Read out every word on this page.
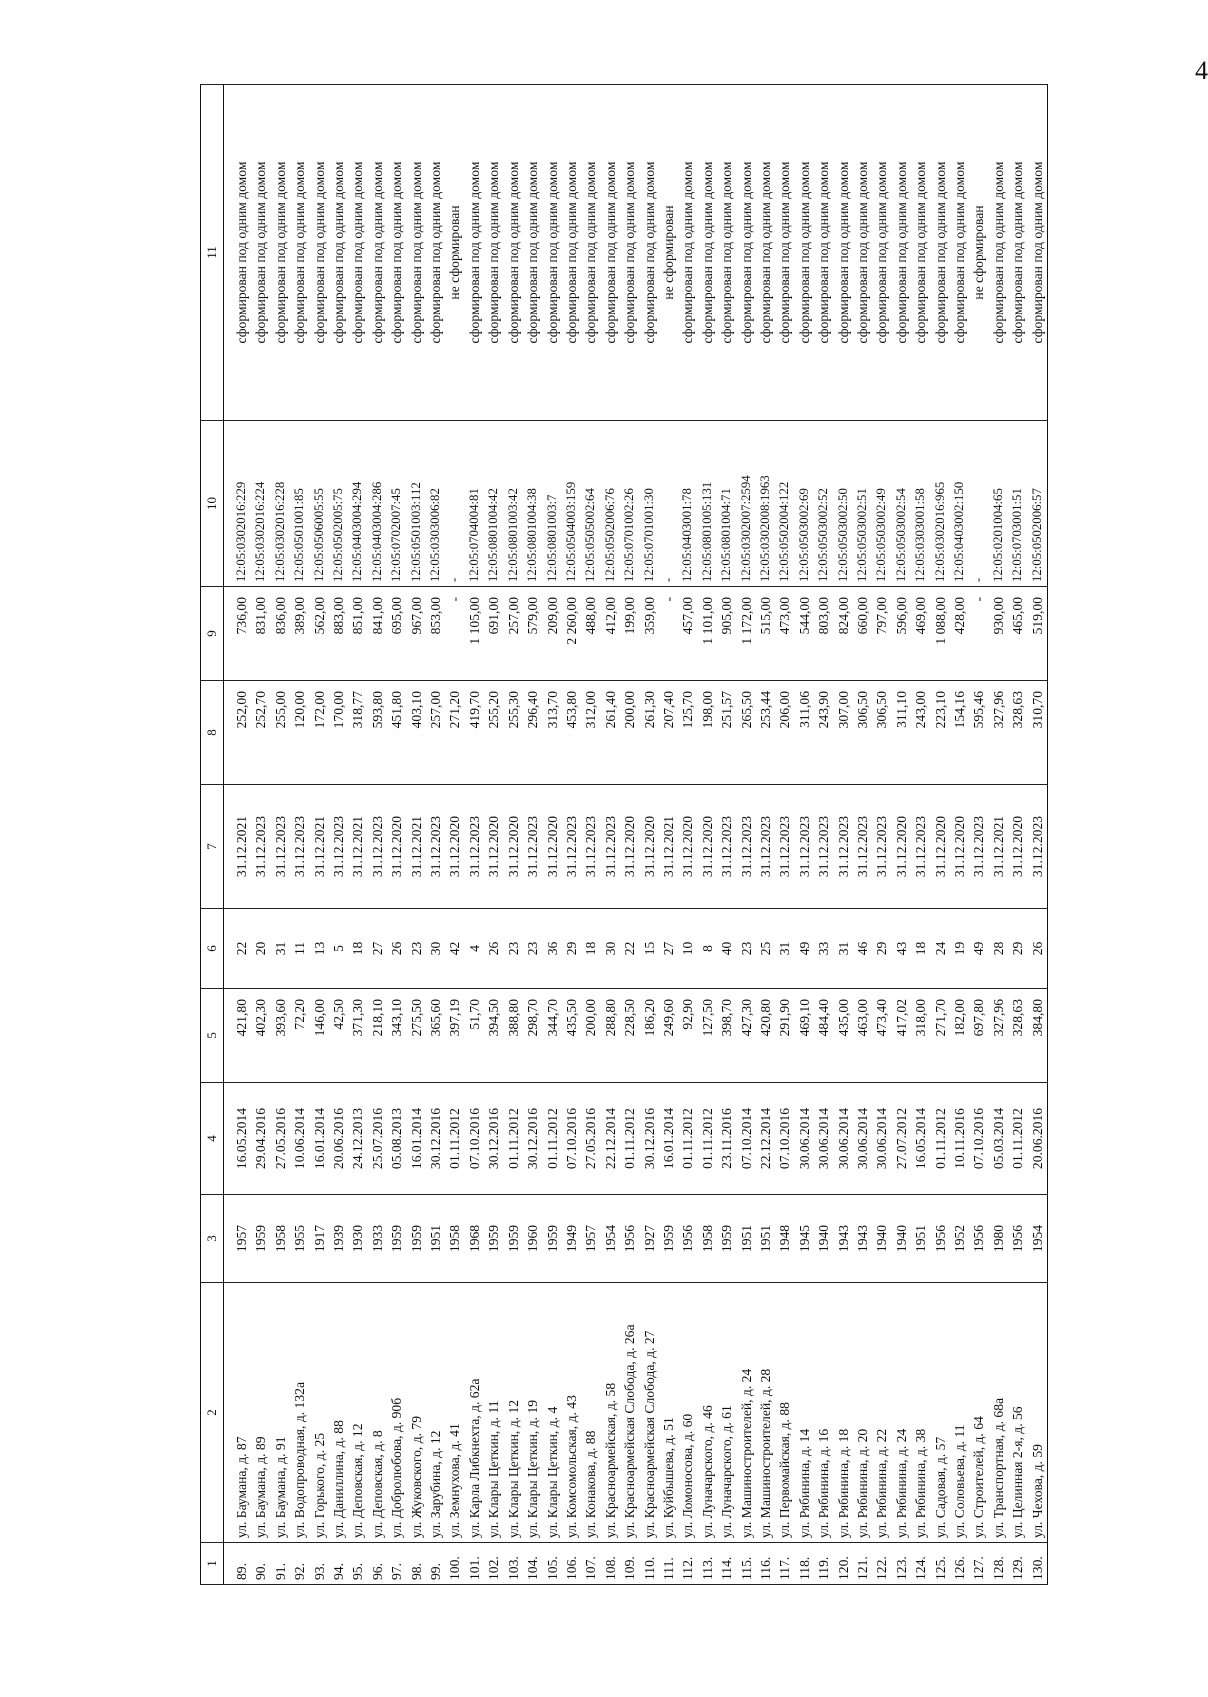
4
1	2	3	4	5	6	7	8	9	10	11
89.	ул. Баумана, д. 87	1957	16.05.2014	421,80	22	31.12.2021	252,00	736,00	12:05:0302016:229	сформирован под одним домом
90.	ул. Баумана, д. 89	1959	29.04.2016	402,30	20	31.12.2023	252,70	831,00	12:05:0302016:224	сформирован под одним домом
91.	ул. Баумана, д. 91	1958	27.05.2016	393,60	31	31.12.2023	255,00	836,00	12:05:0302016:228	сформирован под одним домом
92.	ул. Водопроводная, д. 132а	1955	10.06.2014	72,20	11	31.12.2023	120,00	389,00	12:05:0501001:85	сформирован под одним домом
93.	ул. Горького, д. 25	1917	16.01.2014	146,00	13	31.12.2021	172,00	562,00	12:05:0506005:55	сформирован под одним домом
94.	ул. Даниллина, д. 88	1939	20.06.2016	42,50	5	31.12.2023	170,00	883,00	12:05:0502005:75	сформирован под одним домом
95.	ул. Деповская, д. 12	1930	24.12.2013	371,30	18	31.12.2021	318,77	851,00	12:05:0403004:294	сформирован под одним домом
96.	ул. Деповская, д. 8	1933	25.07.2016	218,10	27	31.12.2023	593,80	841,00	12:05:0403004:286	сформирован под одним домом
97.	ул. Добролюбова, д. 90б	1959	05.08.2013	343,10	26	31.12.2020	451,80	695,00	12:05:0702007:45	сформирован под одним домом
98.	ул. Жуковского, д. 79	1959	16.01.2014	275,50	23	31.12.2021	403,10	967,00	12:05:0501003:112	сформирован под одним домом
99.	ул. Зарубина, д. 12	1951	30.12.2016	365,60	30	31.12.2023	257,00	853,00	12:05:0303006:82	сформирован под одним домом
100.	ул. Земнухова, д. 41	1958	01.11.2012	397,19	42	31.12.2020	271,20	-	-	не сформирован
101.	ул. Карла Либкнехта, д. 62а	1968	07.10.2016	51,70	4	31.12.2023	419,70	1 105,00	12:05:0704004:81	сформирован под одним домом
102.	ул. Клары Цеткин, д. 11	1959	30.12.2016	394,50	26	31.12.2020	255,20	691,00	12:05:0801004:42	сформирован под одним домом
103.	ул. Клары Цеткин, д. 12	1959	01.11.2012	388,80	23	31.12.2020	255,30	257,00	12:05:0801003:42	сформирован под одним домом
104.	ул. Клары Цеткин, д. 19	1960	30.12.2016	298,70	23	31.12.2023	296,40	579,00	12:05:0801004:38	сформирован под одним домом
105.	ул. Клары Цеткин, д. 4	1959	01.11.2012	344,70	36	31.12.2020	313,70	209,00	12:05:0801003:7	сформирован под одним домом
106.	ул. Комсомольская, д. 43	1949	07.10.2016	435,50	29	31.12.2023	453,80	2 260,00	12:05:0504003:159	сформирован под одним домом
107.	ул. Конакова, д. 88	1957	27.05.2016	200,00	18	31.12.2023	312,00	488,00	12:05:0505002:64	сформирован под одним домом
108.	ул. Красноармейская, д. 58	1954	22.12.2014	288,80	30	31.12.2023	261,40	412,00	12:05:0502006:76	сформирован под одним домом
109.	ул. Красноармейская Слобода, д. 26а	1956	01.11.2012	228,50	22	31.12.2020	200,00	199,00	12:05:0701002:26	сформирован под одним домом
110.	ул. Красноармейская Слобода, д. 27	1927	30.12.2016	186,20	15	31.12.2020	261,30	359,00	12:05:0701001:30	сформирован под одним домом
111.	ул. Куйбышева, д. 51	1959	16.01.2014	249,60	27	31.12.2021	207,40	-	-	не сформирован
112.	ул. Ломоносова, д. 60	1956	01.11.2012	92,90	10	31.12.2020	125,70	457,00	12:05:0403001:78	сформирован под одним домом
113.	ул. Луначарского, д. 46	1958	01.11.2012	127,50	8	31.12.2020	198,00	1 101,00	12:05:0801005:131	сформирован под одним домом
114.	ул. Луначарского, д. 61	1959	23.11.2016	398,70	40	31.12.2023	251,57	905,00	12:05:0801004:71	сформирован под одним домом
115.	ул. Машиностроителей, д. 24	1951	07.10.2014	427,30	23	31.12.2023	265,50	1 172,00	12:05:0302007:2594	сформирован под одним домом
116.	ул. Машиностроителей, д. 28	1951	22.12.2014	420,80	25	31.12.2023	253,44	515,00	12:05:0302008:1963	сформирован под одним домом
117.	ул. Первомайская, д. 88	1948	07.10.2016	291,90	31	31.12.2023	206,00	473,00	12:05:0502004:122	сформирован под одним домом
118.	ул. Рябинина, д. 14	1945	30.06.2014	469,10	49	31.12.2023	311,06	544,00	12:05:0503002:69	сформирован под одним домом
119.	ул. Рябинина, д. 16	1940	30.06.2014	484,40	33	31.12.2023	243,90	803,00	12:05:0503002:52	сформирован под одним домом
120.	ул. Рябинина, д. 18	1943	30.06.2014	435,00	31	31.12.2023	307,00	824,00	12:05:0503002:50	сформирован под одним домом
121.	ул. Рябинина, д. 20	1943	30.06.2014	463,00	46	31.12.2023	306,50	660,00	12:05:0503002:51	сформирован под одним домом
122.	ул. Рябинина, д. 22	1940	30.06.2014	473,40	29	31.12.2023	306,50	797,00	12:05:0503002:49	сформирован под одним домом
123.	ул. Рябинина, д. 24	1940	27.07.2012	417,02	43	31.12.2020	311,10	596,00	12:05:0503002:54	сформирован под одним домом
124.	ул. Рябинина, д. 38	1951	16.05.2014	318,00	18	31.12.2023	243,00	469,00	12:05:0303001:58	сформирован под одним домом
125.	ул. Садовая, д. 57	1956	01.11.2012	271,70	24	31.12.2020	223,10	1 088,00	12:05:0302016:965	сформирован под одним домом
126.	ул. Соловьева, д. 11	1952	10.11.2016	182,00	19	31.12.2020	154,16	428,00	12:05:0403002:150	сформирован под одним домом
127.	ул. Строителей, д. 64	1956	07.10.2016	697,80	49	31.12.2023	595,46	-	-	не сформирован
128.	ул. Транспортная, д. 68а	1980	05.03.2014	327,96	28	31.12.2021	327,96	930,00	12:05:0201004:65	сформирован под одним домом
129.	ул. Целинная 2-я, д. 56	1956	01.11.2012	328,63	29	31.12.2020	328,63	465,00	12:05:0703001:51	сформирован под одним домом
130.	ул. Чехова, д. 59	1954	20.06.2016	384,80	26	31.12.2023	310,70	519,00	12:05:0502006:57	сформирован под одним домом
